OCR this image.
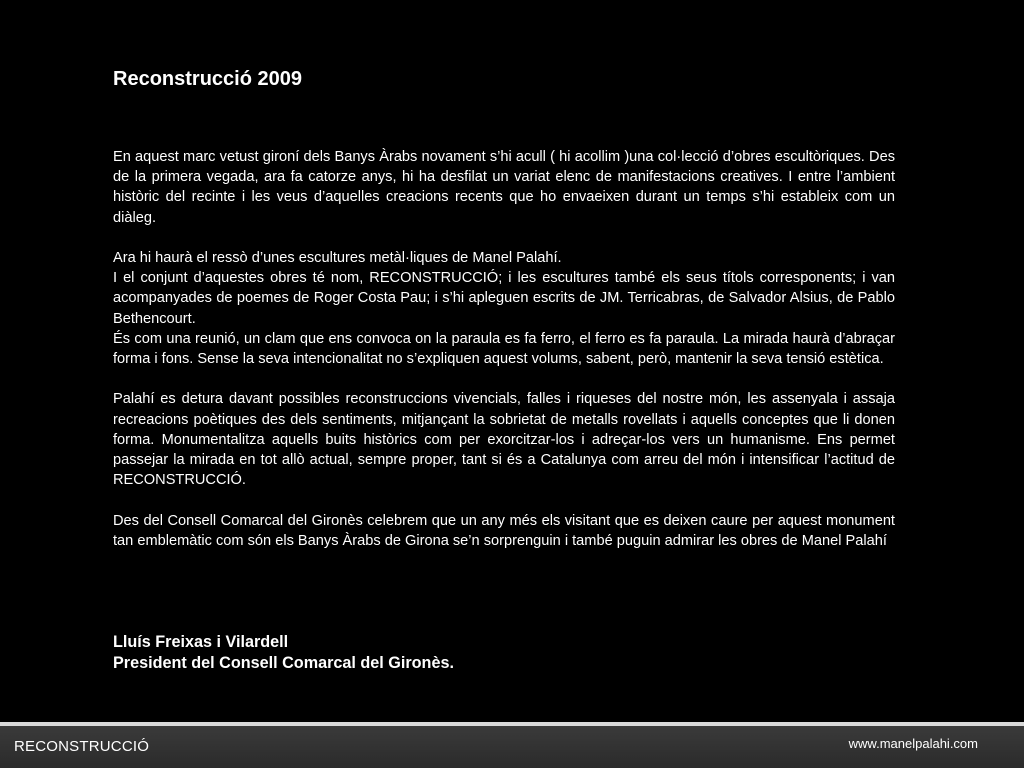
Reconstrucció 2009

En aquest marc vetust gironí dels Banys Àrabs novament s’hi acull ( hi acollim )una col·lecció d’obres escultòriques. Des de la primera vegada, ara fa catorze anys, hi ha desfilat un variat elenc de manifestacions creatives. I entre l’ambient històric del recinte i les veus d’aquelles creacions recents que ho envaeixen durant un temps s’hi estableix com un diàleg.

Ara hi haurà el ressò d’unes escultures metàl·liques de Manel Palahí.

I el conjunt d’aquestes obres té nom, RECONSTRUCCIÓ; i les escultures també els seus títols corresponents; i van acompanyades de poemes de Roger Costa Pau; i s’hi apleguen escrits de JM. Terricabras, de Salvador Alsius, de Pablo Bethencourt.

És com una reunió, un clam que ens convoca on la paraula es fa ferro, el ferro es fa paraula. La mirada haurà d’abraçar forma i fons. Sense la seva intencionalitat no s’expliquen aquest volums, sabent, però, mantenir la seva tensió estètica.

Palahí es detura davant possibles reconstruccions vivencials, falles i riqueses del nostre món, les assenyala i assaja recreacions poètiques des dels sentiments, mitjançant la sobrietat de metalls rovellats i aquells conceptes que li donen forma. Monumentalitza aquells buits històrics com per exorcitzar-los i adreçar-los vers un humanisme. Ens permet passejar la mirada en tot allò actual, sempre proper, tant si és a Catalunya com arreu del món i intensificar l’actitud de RECONSTRUCCIÓ.

Des del Consell Comarcal del Gironès celebrem que un any més els visitant que es deixen caure per aquest monument tan emblemàtic com són els Banys Àrabs de Girona se’n sorprenguin i també puguin admirar les obres de Manel Palahí

Lluís Freixas i Vilardell
President del Consell Comarcal del Gironès.
RECONSTRUCCIÓ	www.manelpalahi.com
